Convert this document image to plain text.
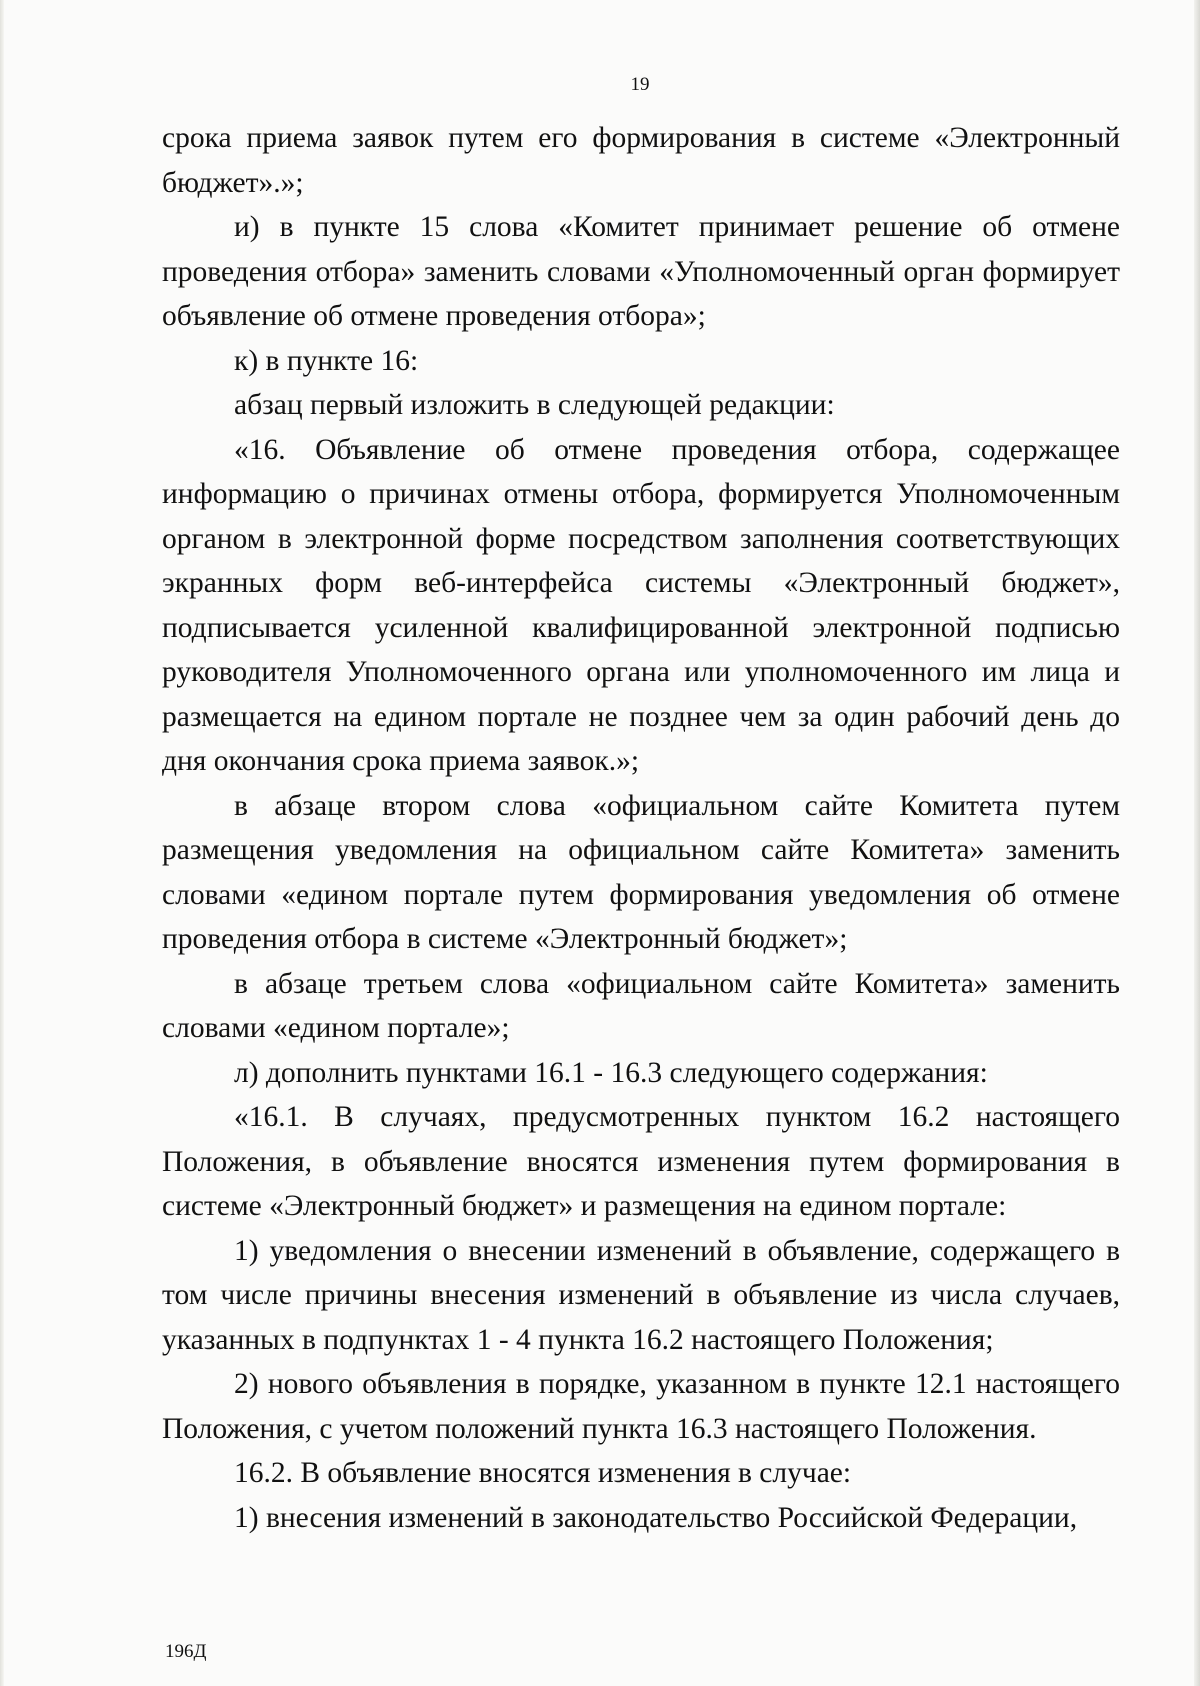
19

срока приема заявок путем его формирования в системе «Электронный бюджет».»;

и) в пункте 15 слова «Комитет принимает решение об отмене проведения отбора» заменить словами «Уполномоченный орган формирует объявление об отмене проведения отбора»;

к) в пункте 16:

абзац первый изложить в следующей редакции:

«16. Объявление об отмене проведения отбора, содержащее информацию о причинах отмены отбора, формируется Уполномоченным органом в электронной форме посредством заполнения соответствующих экранных форм веб-интерфейса системы «Электронный бюджет», подписывается усиленной квалифицированной электронной подписью руководителя Уполномоченного органа или уполномоченного им лица и размещается на едином портале не позднее чем за один рабочий день до дня окончания срока приема заявок.»;

в абзаце втором слова «официальном сайте Комитета путем размещения уведомления на официальном сайте Комитета» заменить словами «едином портале путем формирования уведомления об отмене проведения отбора в системе «Электронный бюджет»;

в абзаце третьем слова «официальном сайте Комитета» заменить словами «едином портале»;

л) дополнить пунктами 16.1 - 16.3 следующего содержания:

«16.1. В случаях, предусмотренных пунктом 16.2 настоящего Положения, в объявление вносятся изменения путем формирования в системе «Электронный бюджет» и размещения на едином портале:

1) уведомления о внесении изменений в объявление, содержащего в том числе причины внесения изменений в объявление из числа случаев, указанных в подпунктах 1 - 4 пункта 16.2 настоящего Положения;

2) нового объявления в порядке, указанном в пункте 12.1 настоящего Положения, с учетом положений пункта 16.3 настоящего Положения.

16.2. В объявление вносятся изменения в случае:

1) внесения изменений в законодательство Российской Федерации,

196Д
